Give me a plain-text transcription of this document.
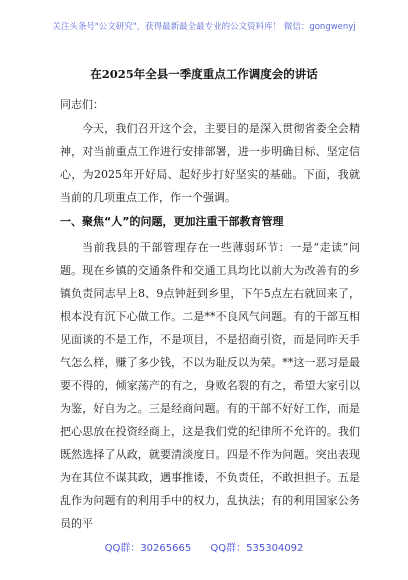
关注头条号"公文研究"，获得最新最全最专业的公文资料库！ 微信：gongwenyj
在2025年全县一季度重点工作调度会的讲话
同志们：

今天，我们召开这个会，主要目的是深入贯彻省委全会精神，对当前重点工作进行安排部署，进一步明确目标、坚定信心，为2025年开好局、起好步打好坚实的基础。下面，我就当前的几项重点工作，作一个强调。

一、聚焦“人”的问题，更加注重干部教育管理

当前我县的干部管理存在一些薄弱环节：一是“走读”问题。现在乡镇的交通条件和交通工具均比以前大为改善有的乡镇负责同志早上8、9点钟赶到乡里，下午5点左右就回来了，根本没有沉下心做工作。二是**不良风气问题。有的干部互相见面谈的不是工作，不是项目，不是招商引资，而是同昨天手气怎么样，赚了多少钱，不以为耻反以为荣。**这一恶习是最要不得的，倾家荡产的有之，身败名裂的有之，希望大家引以为鉴，好自为之。三是经商问题。有的干部不好好工作，而是把心思放在投资经商上，这是我们党的纪律所不允许的。我们既然选择了从政，就要清淡度日。四是不作为问题。突出表现为在其位不谋其政，遇事推诿，不负责任，不敢担担子。五是乱作为问题有的利用手中的权力，乱执法；有的利用国家公务员的平

QQ群：30265665 QQ群：535304092
